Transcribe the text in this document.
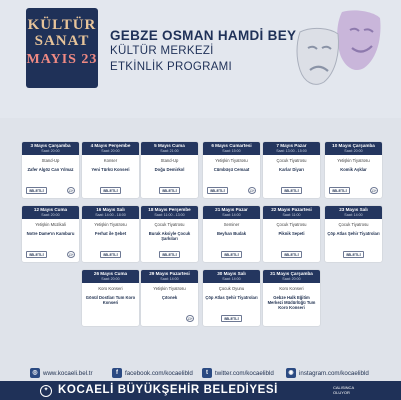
KÜLTÜR
SANAT
MAYIS 23
GEBZE OSMAN HAMDİ BEY
KÜLTÜR MERKEZİ
ETKİNLİK PROGRAMI
3 Mayıs Çarşamba
Saat: 20:00
Stand-Up
Zafer Algöz Can Yılmaz
BİLETLİ	13+
4 Mayıs Perşembe
Saat: 20:00
Konser
Yeni Türkü Konseri
BİLETLİ
5 Mayıs Cuma
Saat: 21:00
Stand-Up
Doğu Demirkol
BİLETLİ
6 Mayıs Cumartesi
Saat: 15:00
Yetişkin Tiyatrosu
Cümbüşü Cemaat
BİLETLİ	13+
7 Mayıs Pazar
Saat: 13:00 - 15:00
Çocuk Tiyatrosu
Karlar Diyarı
BİLETLİ
10 Mayıs Çarşamba
Saat: 20:00
Yetişkin Tiyatrosu
Komik Aşklar
BİLETLİ	13+
12 Mayıs Cuma
Saat: 20:00
Yetişkin Müzikali
Notre Dame'ın Kamburu
BİLETLİ	13+
16 Mayıs Salı
Saat: 14:00 - 18:00
Yetişkin Tiyatrosu
Ferhat ile Şebet
BİLETLİ
18 Mayıs Perşembe
Saat: 11:00 - 13:00
Çocuk Tiyatrosu
Burak Aksiyle Çocuk Şarkıları
BİLETLİ
21 Mayıs Pazar
Saat: 14:00
Seminer
Beyhan Budak
BİLETLİ
22 Mayıs Pazartesi
Saat: 11:00
Çocuk Tiyatrosu
Piknik Sepeti
BİLETLİ
23 Mayıs Salı
Saat: 14:00
Çocuk Tiyatrosu
Çöp Atlas Şehir Tiyatroları
BİLETLİ
26 Mayıs Cuma
Saat: 20:00
Koro Konseri
Gönül Dostları Tum Koro Konseri
29 Mayıs Pazartesi
Saat: 14:00
Yetişkin Tiyatrosu
Çıtonek
13+
30 Mayıs Salı
Saat: 14:00
Çocuk Oyunu
Çöp Atlas Şehir Tiyatroları
BİLETLİ
31 Mayıs Çarşamba
Saat: 20:00
Koro Konseri
Gebze Halk Eğitim Merkezi Müdürlüğü Tum Koro Konseri
◎ www.kocaeli.bel.tr	f	facebook.com/kocaelibld	t	twitter.com/kocaelibld	◉ instagram.com/kocaelibld
✦ KOCAELİ BÜYÜKŞEHİR BELEDİYESİ	CALISINCA OLUYOR
